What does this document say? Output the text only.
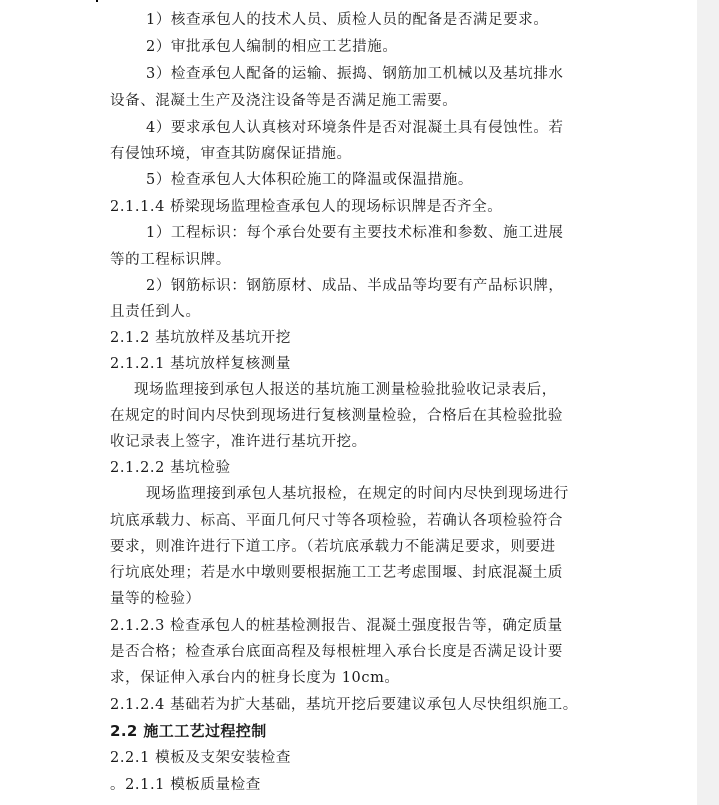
1）核查承包人的技术人员、质检人员的配备是否满足要求。
2）审批承包人编制的相应工艺措施。
3）检查承包人配备的运输、振捣、钢筋加工机械以及基坑排水
设备、混凝土生产及浇注设备等是否满足施工需要。
4）要求承包人认真核对环境条件是否对混凝土具有侵蚀性。若
有侵蚀环境，审查其防腐保证措施。
5）检查承包人大体积砼施工的降温或保温措施。
2.1.1.4 桥梁现场监理检查承包人的现场标识牌是否齐全。
1）工程标识：每个承台处要有主要技术标准和参数、施工进展
等的工程标识牌。
2）钢筋标识：钢筋原材、成品、半成品等均要有产品标识牌，
且责任到人。
2.1.2 基坑放样及基坑开挖
2.1.2.1 基坑放样复核测量
现场监理接到承包人报送的基坑施工测量检验批验收记录表后，
在规定的时间内尽快到现场进行复核测量检验，合格后在其检验批验
收记录表上签字，准许进行基坑开挖。
2.1.2.2 基坑检验
现场监理接到承包人基坑报检，在规定的时间内尽快到现场进行
坑底承载力、标高、平面几何尺寸等各项检验，若确认各项检验符合
要求，则准许进行下道工序。（若坑底承载力不能满足要求，则要进
行坑底处理；若是水中墩则要根据施工工艺考虑围堰、封底混凝土质
量等的检验）
2.1.2.3 检查承包人的桩基检测报告、混凝土强度报告等，确定质量
是否合格；检查承台底面高程及每根桩埋入承台长度是否满足设计要
求，保证伸入承台内的桩身长度为 10cm。
2.1.2.4 基础若为扩大基础，基坑开挖后要建议承包人尽快组织施工。
2.2 施工工艺过程控制
2.2.1 模板及支架安装检查
。2.1.1 模板质量检查
